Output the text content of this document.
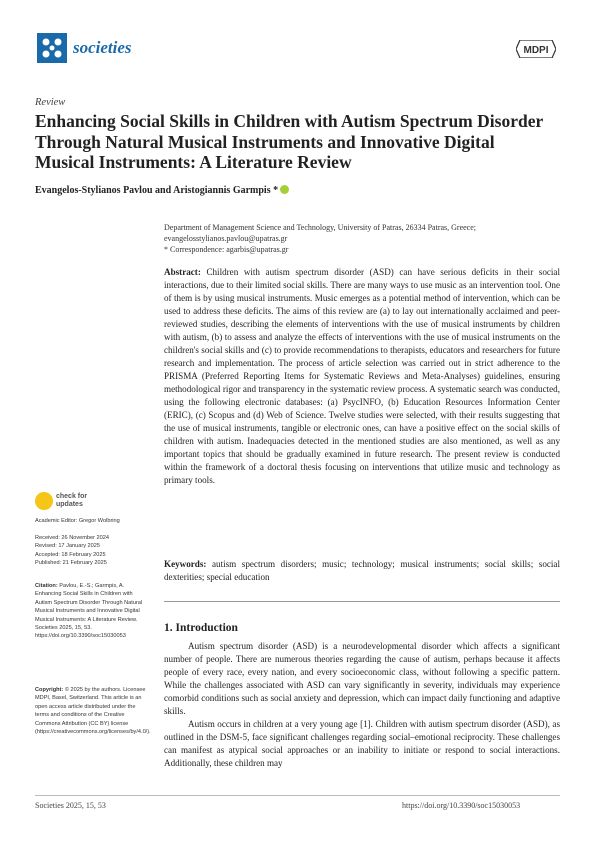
societies	MDPI
Review
Enhancing Social Skills in Children with Autism Spectrum Disorder Through Natural Musical Instruments and Innovative Digital Musical Instruments: A Literature Review
Evangelos-Stylianos Pavlou and Aristogiannis Garmpis *
Department of Management Science and Technology, University of Patras, 26334 Patras, Greece;
evangelosstylianos.pavlou@upatras.gr
* Correspondence: agarbis@upatras.gr
Abstract: Children with autism spectrum disorder (ASD) can have serious deficits in their social interactions, due to their limited social skills. There are many ways to use music as an intervention tool. One of them is by using musical instruments. Music emerges as a potential method of intervention, which can be used to address these deficits. The aims of this review are (a) to lay out internationally acclaimed and peer-reviewed studies, describing the elements of interventions with the use of musical instruments by children with autism, (b) to assess and analyze the effects of interventions with the use of musical instruments on the children's social skills and (c) to provide recommendations to therapists, educators and researchers for future research and implementation. The process of article selection was carried out in strict adherence to the PRISMA (Preferred Reporting Items for Systematic Reviews and Meta-Analyses) guidelines, ensuring methodological rigor and transparency in the systematic review process. A systematic search was conducted, using the following electronic databases: (a) PsycINFO, (b) Education Resources Information Center (ERIC), (c) Scopus and (d) Web of Science. Twelve studies were selected, with their results suggesting that the use of musical instruments, tangible or electronic ones, can have a positive effect on the social skills of children with autism. Inadequacies detected in the mentioned studies are also mentioned, as well as any important topics that should be gradually examined in future research. The present review is conducted within the framework of a doctoral thesis focusing on interventions that utilize music and technology as primary tools.
Keywords: autism spectrum disorders; music; technology; musical instruments; social skills; social dexterities; special education
1. Introduction

Autism spectrum disorder (ASD) is a neurodevelopmental disorder which affects a significant number of people. There are numerous theories regarding the cause of autism, perhaps because it affects people of every race, every nation, and every socioeconomic class, without following a specific pattern. While the challenges associated with ASD can vary significantly in severity, individuals may experience comorbid conditions such as social anxiety and depression, which can impact daily functioning and adaptive skills.

Autism occurs in children at a very young age [1]. Children with autism spectrum disorder (ASD), as outlined in the DSM-5, face significant challenges regarding social–emotional reciprocity. These challenges can manifest as atypical social approaches or an inability to initiate or respond to social interactions. Additionally, these children may

check for updates
Academic Editor: Gregor Wolbring
Received: 26 November 2024
Revised: 17 January 2025
Accepted: 18 February 2025
Published: 21 February 2025
Citation: Pavlou, E.-S.; Garmpis, A. Enhancing Social Skills in Children with Autism Spectrum Disorder Through Natural Musical Instruments and Innovative Digital Musical Instruments: A Literature Review. Societies 2025, 15, 53. https://doi.org/10.3390/soc15030053
Copyright: © 2025 by the authors. Licensee MDPI, Basel, Switzerland. This article is an open access article distributed under the terms and conditions of the Creative Commons Attribution (CC BY) license (https://creativecommons.org/licenses/by/4.0/).
Societies 2025, 15, 53	https://doi.org/10.3390/soc15030053
